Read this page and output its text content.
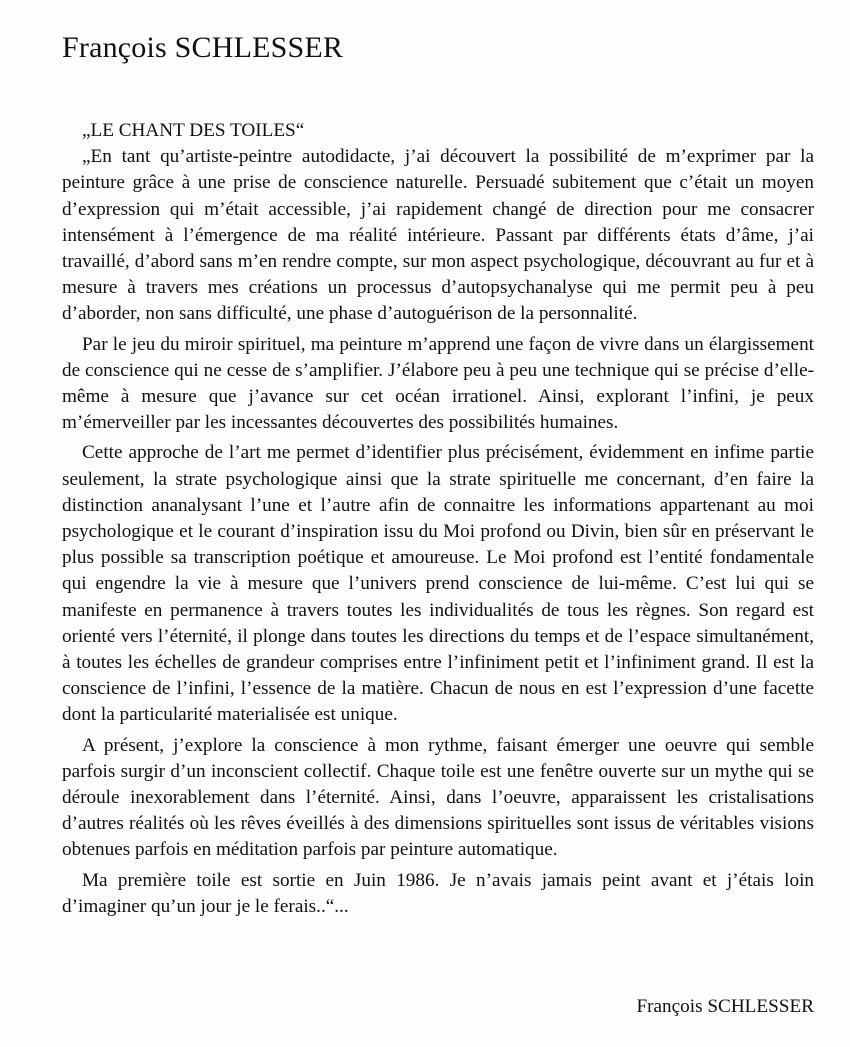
François SCHLESSER
„LE CHANT DES TOILES“

„En tant qu’artiste-peintre autodidacte, j’ai découvert la possibilité de m’exprimer par la peinture grâce à une prise de conscience naturelle. Persuadé subitement que c’était un moyen d’expression qui m’était accessible, j’ai rapidement changé de direction pour me consacrer intensément à l’émergence de ma réalité intérieure. Passant par différents états d’âme, j’ai travaillé, d’abord sans m’en rendre compte, sur mon aspect psychologique, découvrant au fur et à mesure à travers mes créations un processus d’autopsychanalyse qui me permit peu à peu d’aborder, non sans difficulté, une phase d’autoguérison de la personnalité.

Par le jeu du miroir spirituel, ma peinture m’apprend une façon de vivre dans un élargissement de conscience qui ne cesse de s’amplifier. J’élabore peu à peu une technique qui se précise d’elle-même à mesure que j’avance sur cet océan irrationel. Ainsi, explorant l’infini, je peux m’émerveiller par les incessantes découvertes des possibilités humaines.

Cette approche de l’art me permet d’identifier plus précisément, évidemment en infime partie seulement, la strate psychologique ainsi que la strate spirituelle me concernant, d’en faire la distinction ananalysant l’une et l’autre afin de connaitre les informations appartenant au moi psychologique et le courant d’inspiration issu du Moi profond ou Divin, bien sûr en préservant le plus possible sa transcription poétique et amoureuse. Le Moi profond est l’entité fondamentale qui engendre la vie à mesure que l’univers prend conscience de lui-même. C’est lui qui se manifeste en permanence à travers toutes les individualités de tous les règnes. Son regard est orienté vers l’éternité, il plonge dans toutes les directions du temps et de l’espace simultanément, à toutes les échelles de grandeur comprises entre l’infiniment petit et l’infiniment grand. Il est la conscience de l’infini, l’essence de la matière. Chacun de nous en est l’expression d’une facette dont la particularité materialisée est unique.

A présent, j’explore la conscience à mon rythme, faisant émerger une oeuvre qui semble parfois surgir d’un inconscient collectif. Chaque toile est une fenêtre ouverte sur un mythe qui se déroule inexorablement dans l’éternité. Ainsi, dans l’oeuvre, apparaissent les cristalisations d’autres réalités où les rêves éveillés à des dimensions spirituelles sont issus de véritables visions obtenues parfois en méditation parfois par peinture automatique.

Ma première toile est sortie en Juin 1986. Je n’avais jamais peint avant et j’étais loin d’imaginer qu’un jour je le ferais..“...

François SCHLESSER
